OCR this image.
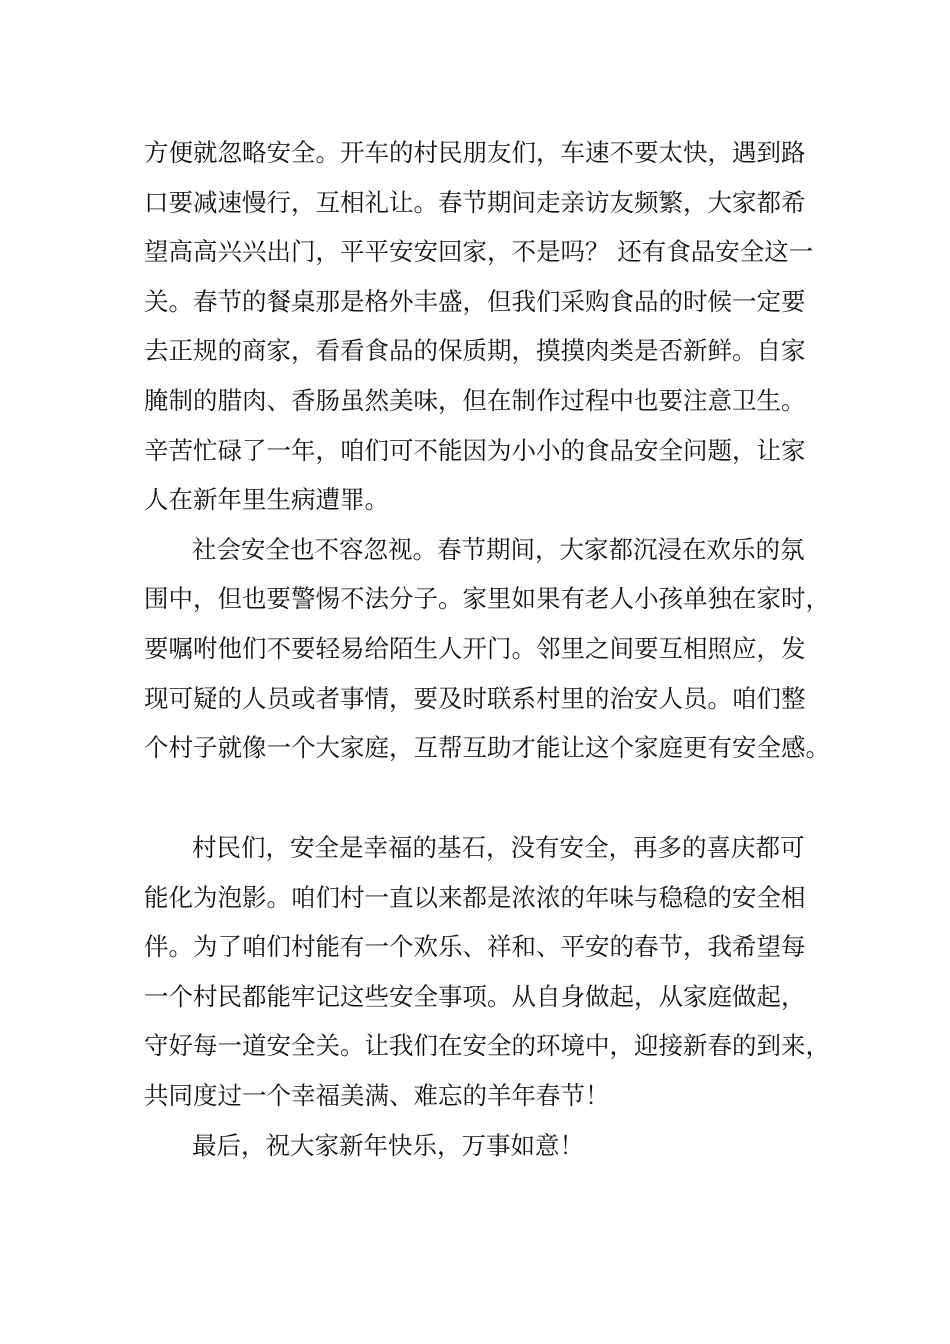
方便就忽略安全。开车的村民朋友们，车速不要太快，遇到路
口要减速慢行，互相礼让。春节期间走亲访友频繁，大家都希
望高高兴兴出门，平平安安回家，不是吗？ 还有食品安全这一
关。春节的餐桌那是格外丰盛，但我们采购食品的时候一定要
去正规的商家，看看食品的保质期，摸摸肉类是否新鲜。自家
腌制的腊肉、香肠虽然美味，但在制作过程中也要注意卫生。
辛苦忙碌了一年，咱们可不能因为小小的食品安全问题，让家
人在新年里生病遭罪。
社会安全也不容忽视。春节期间，大家都沉浸在欢乐的氛
围中，但也要警惕不法分子。家里如果有老人小孩单独在家时，
要嘱咐他们不要轻易给陌生人开门。邻里之间要互相照应，发
现可疑的人员或者事情，要及时联系村里的治安人员。咱们整
个村子就像一个大家庭，互帮互助才能让这个家庭更有安全感。
村民们，安全是幸福的基石，没有安全，再多的喜庆都可
能化为泡影。咱们村一直以来都是浓浓的年味与稳稳的安全相
伴。为了咱们村能有一个欢乐、祥和、平安的春节，我希望每
一个村民都能牢记这些安全事项。从自身做起，从家庭做起，
守好每一道安全关。让我们在安全的环境中，迎接新春的到来，
共同度过一个幸福美满、难忘的羊年春节！
最后，祝大家新年快乐，万事如意！
